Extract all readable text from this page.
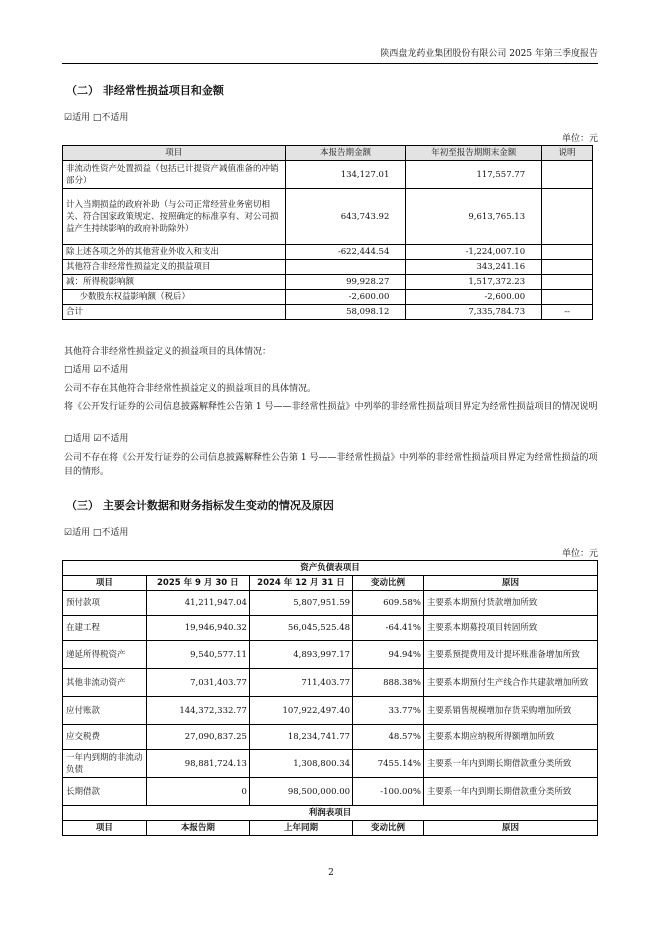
陕西盘龙药业集团股份有限公司 2025 年第三季度报告
（二） 非经常性损益项目和金额
☑适用 □不适用
单位：元
项目	本报告期金额	年初至报告期期末金额	说明
非流动性资产处置损益（包括已计提资产减值准备的冲销部分）	134,127.01	117,557.77	
计入当期损益的政府补助（与公司正常经营业务密切相关、符合国家政策规定、按照确定的标准享有、对公司损益产生持续影响的政府补助除外）	643,743.92	9,613,765.13	
除上述各项之外的其他营业外收入和支出	-622,444.54	-1,224,007.10	
其他符合非经常性损益定义的损益项目		343,241.16	
减：所得税影响额	99,928.27	1,517,372.23	
少数股东权益影响额（税后）	-2,600.00	-2,600.00	
合计	58,098.12	7,335,784.73	--
其他符合非经常性损益定义的损益项目的具体情况：
□适用 ☑不适用
公司不存在其他符合非经常性损益定义的损益项目的具体情况。
将《公开发行证券的公司信息披露解释性公告第 1 号——非经常性损益》中列举的非经常性损益项目界定为经常性损益项目的情况说明
□适用 ☑不适用
公司不存在将《公开发行证券的公司信息披露解释性公告第 1 号——非经常性损益》中列举的非经常性损益项目界定为经常性损益的项目的情形。
（三） 主要会计数据和财务指标发生变动的情况及原因
☑适用 □不适用
单位：元
资产负债表项目				
项目	2025 年 9 月 30 日	2024 年 12 月 31 日	变动比例	原因
预付款项	41,211,947.04	5,807,951.59	609.58%	主要系本期预付货款增加所致
在建工程	19,946,940.32	56,045,525.48	-64.41%	主要系本期募投项目转固所致
递延所得税资产	9,540,577.11	4,893,997.17	94.94%	主要系预提费用及计提坏账准备增加所致
其他非流动资产	7,031,403.77	711,403.77	888.38%	主要系本期预付生产线合作共建款增加所致
应付账款	144,372,332.77	107,922,497.40	33.77%	主要系销售规模增加存货采购增加所致
应交税费	27,090,837.25	18,234,741.77	48.57%	主要系本期应纳税所得额增加所致
一年内到期的非流动负债	98,881,724.13	1,308,800.34	7455.14%	主要系一年内到期长期借款重分类所致
长期借款	0	98,500,000.00	-100.00%	主要系一年内到期长期借款重分类所致
利润表项目				
项目	本报告期	上年同期	变动比例	原因
2
